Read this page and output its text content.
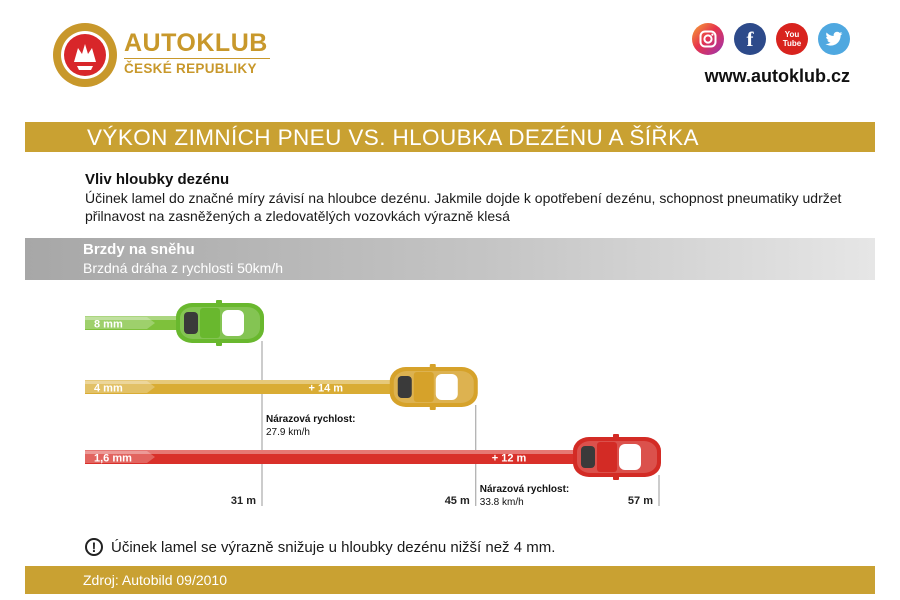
AUTOKLUB
ČESKÉ REPUBLIKY
f	You Tube
www.autoklub.cz
VÝKON ZIMNÍCH PNEU VS. HLOUBKA DEZÉNU A ŠÍŘKA
Vliv hloubky dezénu
Účinek lamel do značné míry závisí na hloubce dezénu. Jakmile dojde k opotřebení dezénu, schopnost pneumatiky udržet přilnavost na zasněžených a zledovatělých vozovkách výrazně klesá
Brzdy na sněhu
Brzdná dráha z rychlosti 50km/h
8 mm
31 m
4 mm	+ 14 m
Nárazová rychlost:
27.9 km/h
45 m
1,6 mm	+ 12 m
Nárazová rychlost:
33.8 km/h	57 m
! Účinek lamel se výrazně snižuje u hloubky dezénu nižší než 4 mm.
Zdroj: Autobild 09/2010
